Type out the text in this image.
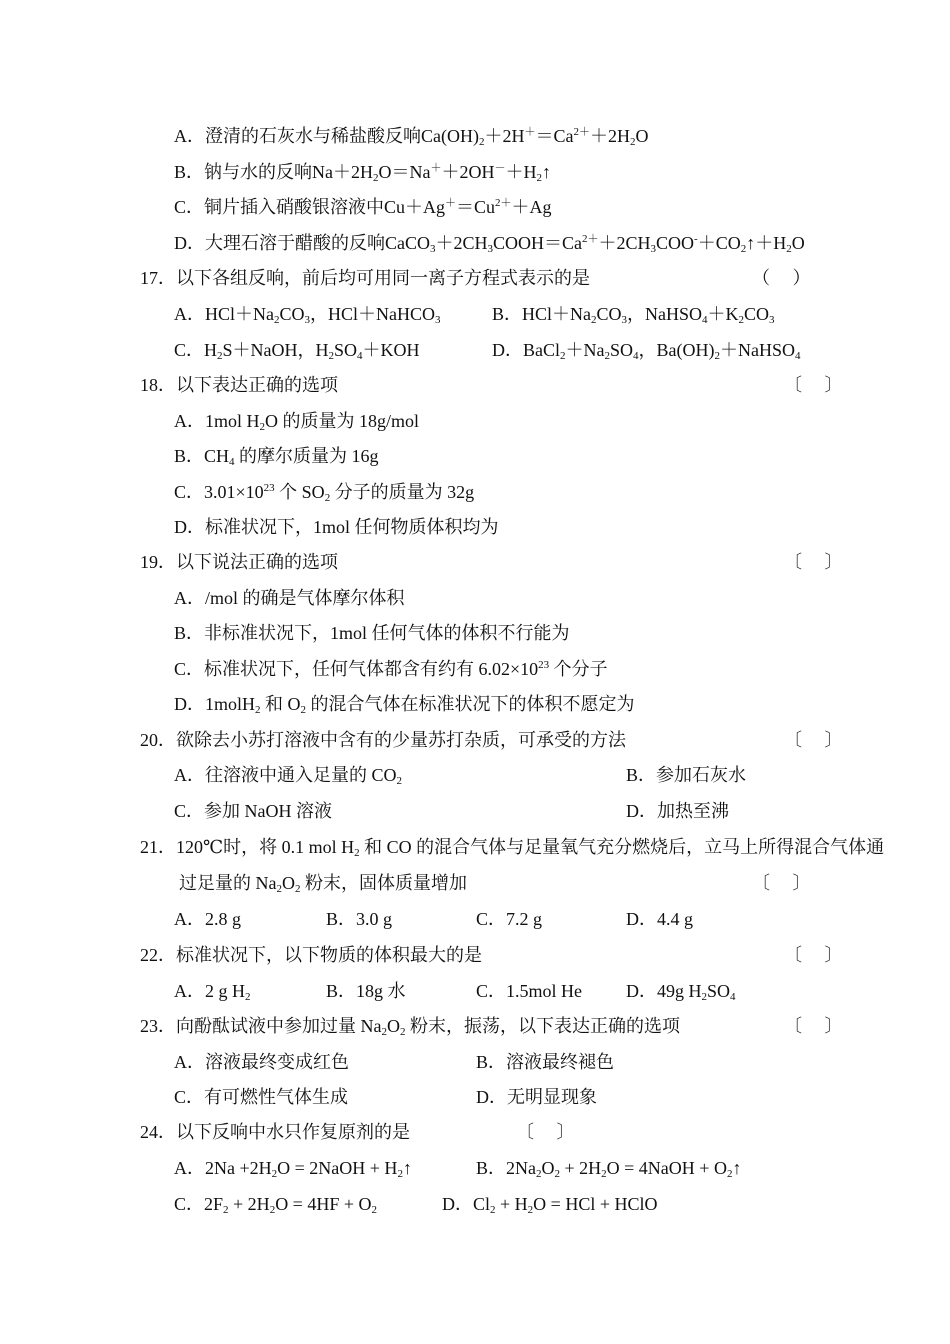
A．澄清的石灰水与稀盐酸反响$Ca(OH)_2+2H^+=Ca^{2+}+2H_2O$
B．钠与水的反响$Na+2H_2O=Na^++2OH^-+H_2↑$
C．铜片插入硝酸银溶液中$Cu+Ag^+=Cu^{2+}+Ag$
D．大理石溶于醋酸的反响$CaCO_3+2CH_3COOH=Ca^{2+}+2CH_3COO^-+CO_2↑+H_2O$
17．以下各组反响，前后均可用同一离子方程式表示的是	（　 ）
A．$HCl+Na_2CO_3$，HCl＋NaHCO$_3$	B．$HCl+Na_2CO_3$，$NaHSO_4+K_2CO_3$
C．$H_2S+NaOH$，$H_2SO_4+KOH$	D．$BaCl_2+Na_2SO_4$，$Ba(OH)_2+NaHSO_4$
18．以下表达正确的选项	〔　 〕
A．1mol $H_2O$ 的质量为 18g/mol
B．$CH_4$ 的摩尔质量为 16g
C．$3.01\times 10^{23}$ 个 $SO_2$ 分子的质量为 32g
D．标准状况下，1mol 任何物质体积均为
19．以下说法正确的选项	〔　 〕
A．/mol 的确是气体摩尔体积
B．非标准状况下，1mol 任何气体的体积不行能为
C．标准状况下，任何气体都含有约有 $6.02\times 10^{23}$ 个分子
D．1molH$_2$ 和 $O_2$ 的混合气体在标准状况下的体积不愿定为
20．欲除去小苏打溶液中含有的少量苏打杂质，可承受的方法	〔　 〕
A．往溶液中通入足量的 $CO_2$	B．参加石灰水
C．参加 NaOH 溶液	D．加热至沸
21．120℃时，将 0.1 mol $H_2$ 和 CO 的混合气体与足量氧气充分燃烧后，立马上所得混合气体通
过足量的 $Na_2O_2$ 粉末，固体质量增加	〔　 〕
A．2.8 g	B．3.0 g	C．7.2 g	D．4.4 g
22．标准状况下，以下物质的体积最大的是	〔　 〕
A．2 g $H_2$	B．18g 水	C．1.5mol He D．49g $H_2SO_4$
23．向酚酞试液中参加过量 $Na_2O_2$ 粉末，振荡，以下表达正确的选项	〔　 〕
A．溶液最终变成红色	B．溶液最终褪色
C．有可燃性气体生成	D．无明显现象
24．以下反响中水只作复原剂的是	〔　 〕
A．$2Na +2H_2O$ = 2NaOH + $H_2↑$	B．$2Na_2O_2 + 2H_2O$ = 4NaOH + $O_2↑$
C．$2F_2 + 2H_2O = 4HF + O_2$	D．$Cl_2 + H_2O$ = HCl + HClO
